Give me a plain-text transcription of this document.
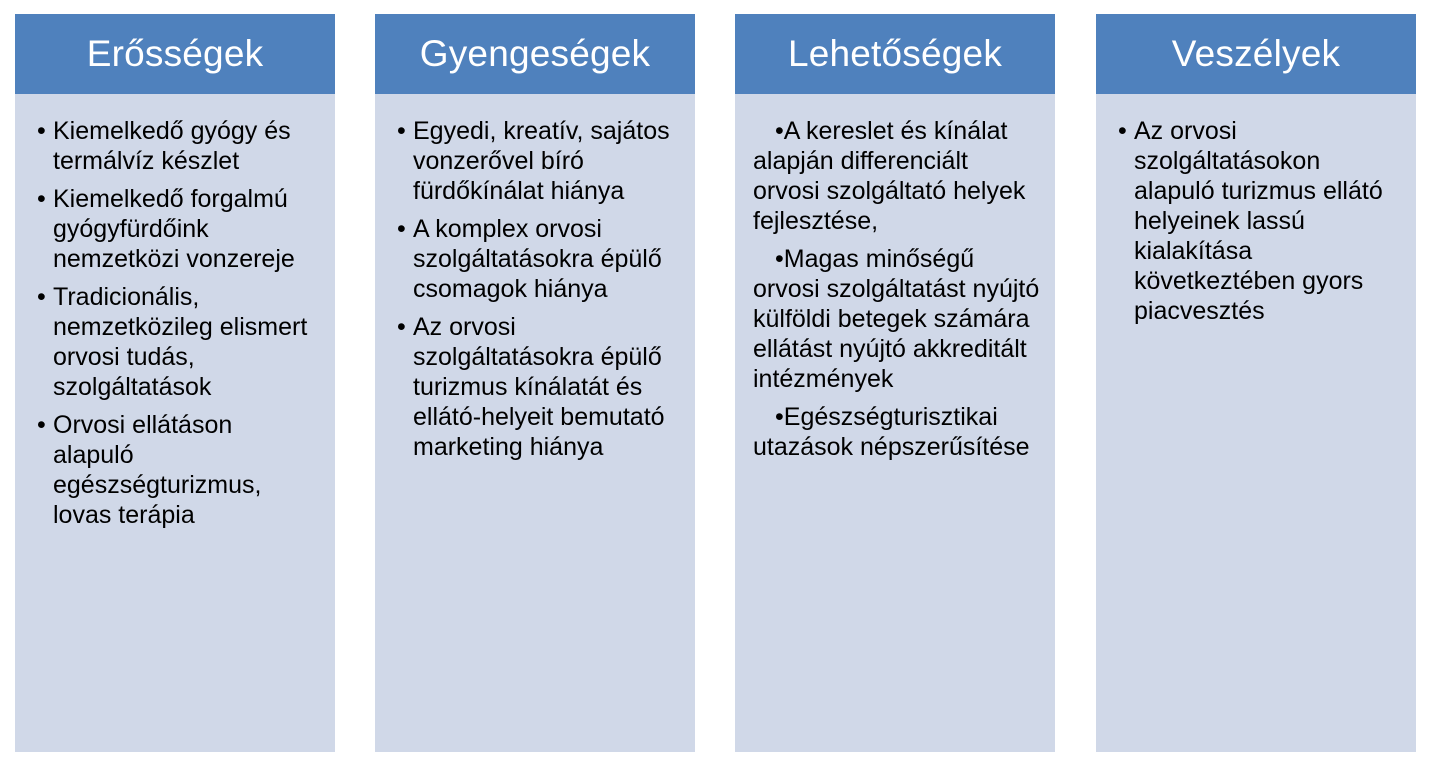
Erősségek
• Kiemelkedő gyógy és termálvíz készlet
• Kiemelkedő forgalmú gyógyfürdőink nemzetközi vonzereje
• Tradicionális, nemzetközileg elismert orvosi tudás, szolgáltatások
• Orvosi ellátáson alapuló egészségturizmus, lovas terápia
Gyengeségek
• Egyedi, kreatív, sajátos vonzerővel bíró fürdőkínálat hiánya
• A komplex orvosi szolgáltatásokra épülő csomagok hiánya
• Az orvosi szolgáltatásokra épülő turizmus kínálatát és ellátó-helyeit bemutató marketing hiánya
Lehetőségek
•A kereslet és kínálat alapján differenciált orvosi szolgáltató helyek fejlesztése,
•Magas minőségű orvosi szolgáltatást nyújtó külföldi betegek számára ellátást nyújtó akkreditált intézmények
•Egészségturisztikai utazások népszerűsítése
Veszélyek
• Az orvosi szolgáltatásokon alapuló turizmus ellátó helyeinek lassú kialakítása következtében gyors piacvesztés
